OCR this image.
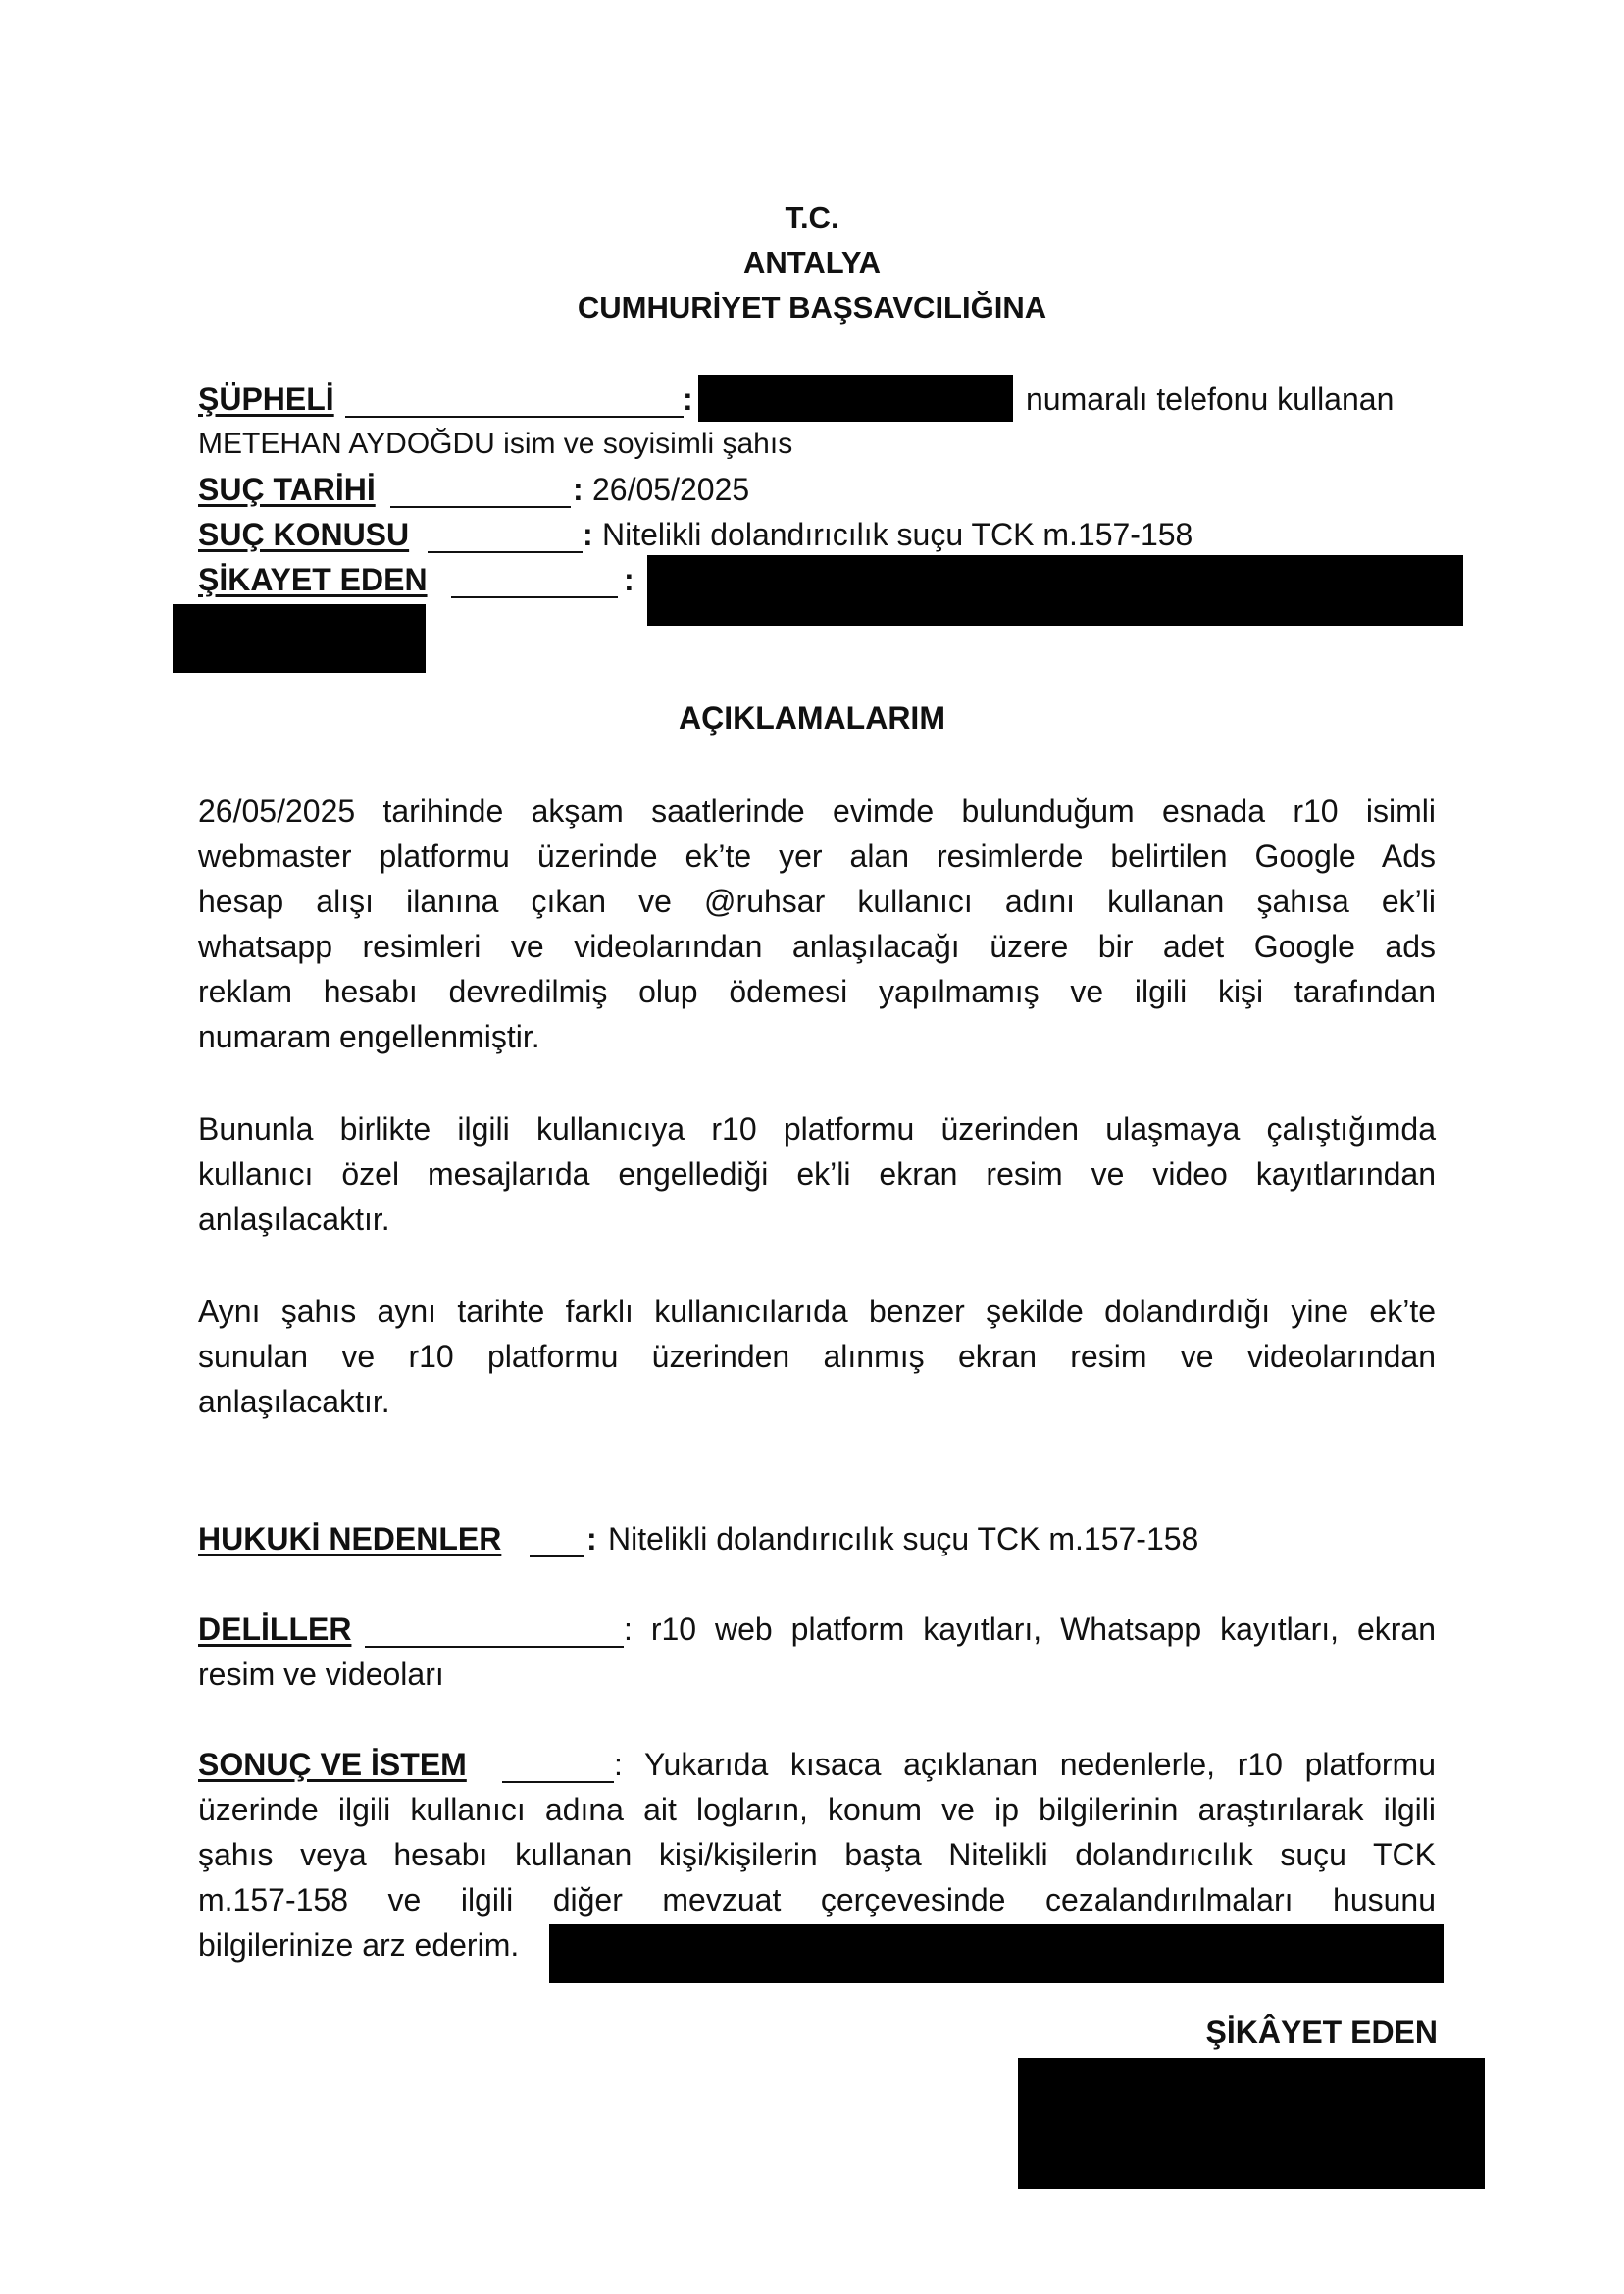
T.C.
ANTALYA
CUMHURİYET BAŞSAVCILIĞINA
ŞÜPHELİ	:	numaralı telefonu kullanan
METEHAN AYDOĞDU isim ve soyisimli şahıs
SUÇ TARİHİ	: 26/05/2025
SUÇ KONUSU	: Nitelikli dolandırıcılık suçu TCK m.157-158
ŞİKAYET EDEN	:
AÇIKLAMALARIM
26/05/2025 tarihinde akşam saatlerinde evimde bulunduğum esnada r10 isimli
webmaster platformu üzerinde ek’te yer alan resimlerde belirtilen Google Ads
hesap alışı ilanına çıkan ve @ruhsar kullanıcı adını kullanan şahısa ek’li
whatsapp resimleri ve videolarından anlaşılacağı üzere bir adet Google ads
reklam hesabı devredilmiş olup ödemesi yapılmamış ve ilgili kişi tarafından
numaram engellenmiştir.
Bununla birlikte ilgili kullanıcıya r10 platformu üzerinden ulaşmaya çalıştığımda
kullanıcı özel mesajlarıda engellediği ek’li ekran resim ve video kayıtlarından
anlaşılacaktır.
Aynı şahıs aynı tarihte farklı kullanıcılarıda benzer şekilde dolandırdığı yine ek’te
sunulan ve r10 platformu üzerinden alınmış ekran resim ve videolarından
anlaşılacaktır.
HUKUKİ NEDENLER	: Nitelikli dolandırıcılık suçu TCK m.157-158
DELİLLER	: r10 web platform kayıtları, Whatsapp kayıtları, ekran
resim ve videoları
SONUÇ VE İSTEM	: Yukarıda kısaca açıklanan nedenlerle, r10 platformu
üzerinde ilgili kullanıcı adına ait logların, konum ve ip bilgilerinin araştırılarak ilgili
şahıs veya hesabı kullanan kişi/kişilerin başta Nitelikli dolandırıcılık suçu TCK
m.157-158 ve ilgili diğer mevzuat çerçevesinde cezalandırılmaları husunu
bilgilerinize arz ederim.
ŞİKÂYET EDEN
